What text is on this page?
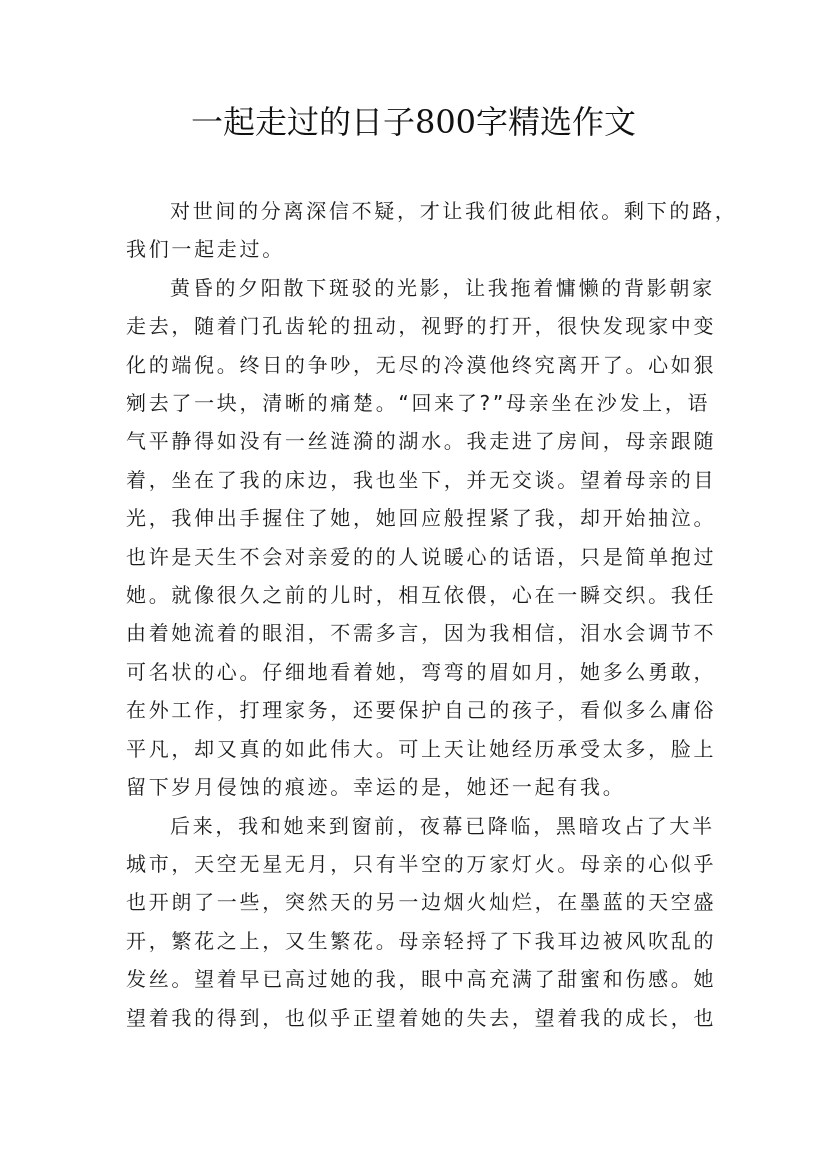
一起走过的日子800字精选作文
对世间的分离深信不疑，才让我们彼此相依。剩下的路，
我们一起走过。
黄昏的夕阳散下斑驳的光影，让我拖着慵懒的背影朝家
走去，随着门孔齿轮的扭动，视野的打开，很快发现家中变
化的端倪。终日的争吵，无尽的冷漠他终究离开了。心如狠
剜去了一块，清晰的痛楚。“回来了?”母亲坐在沙发上，语
气平静得如没有一丝涟漪的湖水。我走进了房间，母亲跟随
着，坐在了我的床边，我也坐下，并无交谈。望着母亲的目
光，我伸出手握住了她，她回应般捏紧了我，却开始抽泣。
也许是天生不会对亲爱的的人说暖心的话语，只是简单抱过
她。就像很久之前的儿时，相互依偎，心在一瞬交织。我任
由着她流着的眼泪，不需多言，因为我相信，泪水会调节不
可名状的心。仔细地看着她，弯弯的眉如月，她多么勇敢，
在外工作，打理家务，还要保护自己的孩子，看似多么庸俗
平凡，却又真的如此伟大。可上天让她经历承受太多，脸上
留下岁月侵蚀的痕迹。幸运的是，她还一起有我。
后来，我和她来到窗前，夜幕已降临，黑暗攻占了大半
城市，天空无星无月，只有半空的万家灯火。母亲的心似乎
也开朗了一些，突然天的另一边烟火灿烂，在墨蓝的天空盛
开，繁花之上，又生繁花。母亲轻捋了下我耳边被风吹乱的
发丝。望着早已高过她的我，眼中高充满了甜蜜和伤感。她
望着我的得到，也似乎正望着她的失去，望着我的成长，也
